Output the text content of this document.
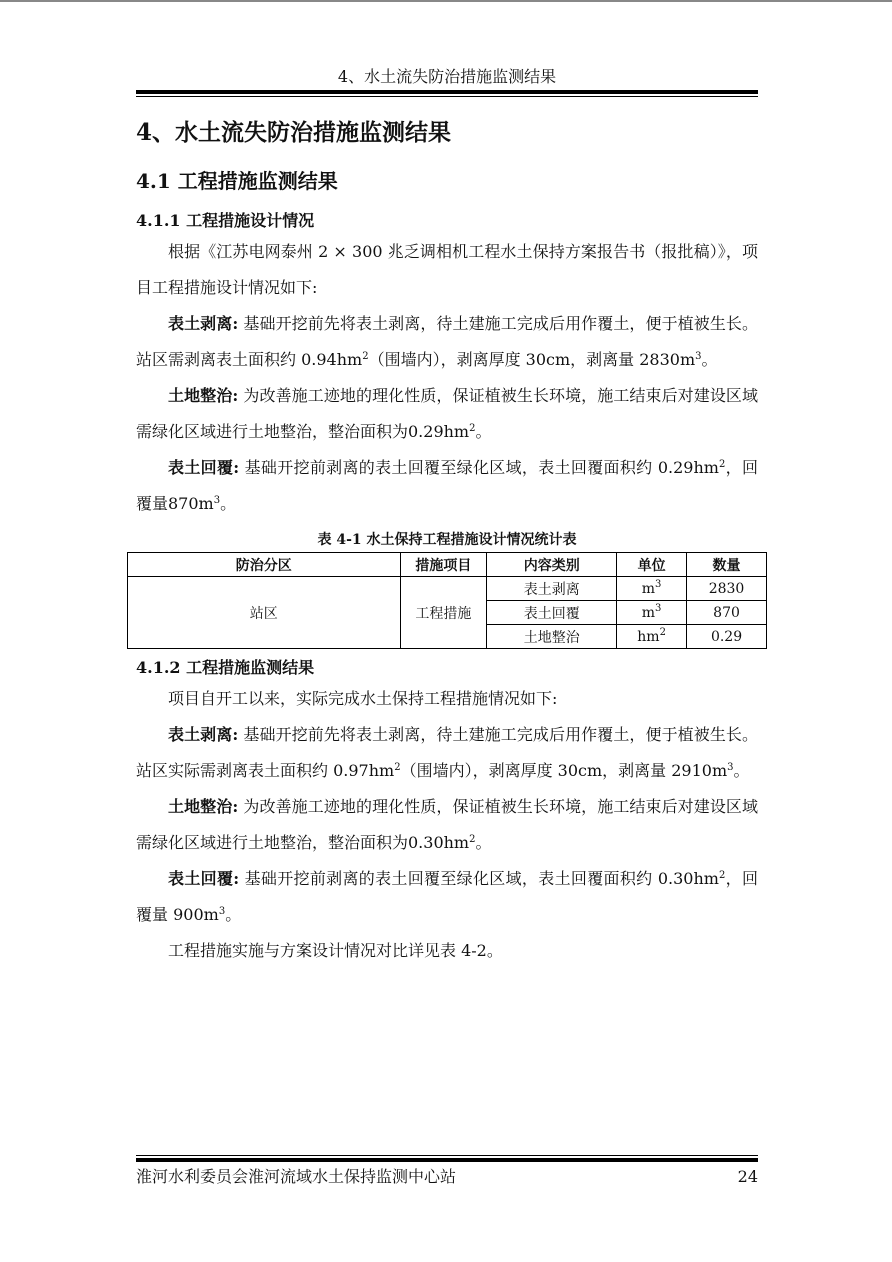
4、水土流失防治措施监测结果
4、水土流失防治措施监测结果
4.1 工程措施监测结果
4.1.1 工程措施设计情况

根据《江苏电网泰州 2 × 300 兆乏调相机工程水土保持方案报告书（报批稿）》，项目工程措施设计情况如下:

表土剥离: 基础开挖前先将表土剥离，待土建施工完成后用作覆土，便于植被生长。站区需剥离表土面积约 $0.94hm^2$（围墙内），剥离厚度 30cm，剥离量 $2830m^3$。

土地整治: 为改善施工迹地的理化性质，保证植被生长环境，施工结束后对建设区域需绿化区域进行土地整治，整治面积为$0.29hm^2$。

表土回覆: 基础开挖前剥离的表土回覆至绿化区域，表土回覆面积约 $0.29hm^2$，回覆量$870m^3$。

表 4-1 水土保持工程措施设计情况统计表
防治分区	措施项目	内容类别	单位	数量
站区	工程措施	表土剥离	$m^3$	2830
		表土回覆	$m^3$	870
		土地整治	$hm^2$	0.29
4.1.2 工程措施监测结果

项目自开工以来，实际完成水土保持工程措施情况如下:

表土剥离: 基础开挖前先将表土剥离，待土建施工完成后用作覆土，便于植被生长。站区实际需剥离表土面积约 $0.97hm^2$（围墙内），剥离厚度 30cm，剥离量 $2910m^3$。

土地整治: 为改善施工迹地的理化性质，保证植被生长环境，施工结束后对建设区域需绿化区域进行土地整治，整治面积为$0.30hm^2$。

表土回覆: 基础开挖前剥离的表土回覆至绿化区域，表土回覆面积约 $0.30hm^2$，回覆量 $900m^3$。

工程措施实施与方案设计情况对比详见表 4-2。

淮河水利委员会淮河流域水土保持监测中心站	24
